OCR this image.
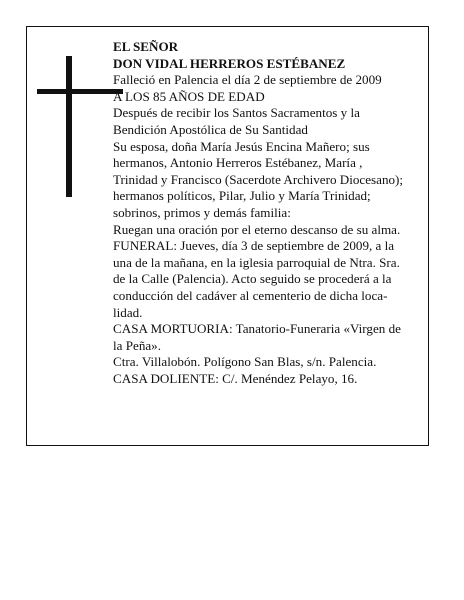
EL SEÑOR

DON VIDAL HERREROS ESTÉBANEZ

Falleció en Palencia el día 2 de septiembre de 2009

A LOS 85 AÑOS DE EDAD

Después de recibir los Santos Sacramentos y la

Bendición Apostólica de Su Santidad

Su esposa, doña María Jesús Encina Mañero; sus

hermanos, Antonio Herreros Estébanez, María ,

Trinidad y Francisco (Sacerdote Archivero Diocesano);

hermanos políticos, Pilar, Julio y María Trinidad;

sobrinos, primos y demás familia:

Ruegan una oración por el eterno descanso de su alma.

FUNERAL: Jueves, día 3 de septiembre de 2009, a la

una de la mañana, en la iglesia parroquial de Ntra. Sra.

de la Calle (Palencia). Acto seguido se procederá a la

conducción del cadáver al cementerio de dicha loca-

lidad.

CASA MORTUORIA: Tanatorio-Funeraria «Virgen de

la Peña».

Ctra. Villalobón. Polígono San Blas, s/n. Palencia.

CASA DOLIENTE: C/. Menéndez Pelayo, 16.
